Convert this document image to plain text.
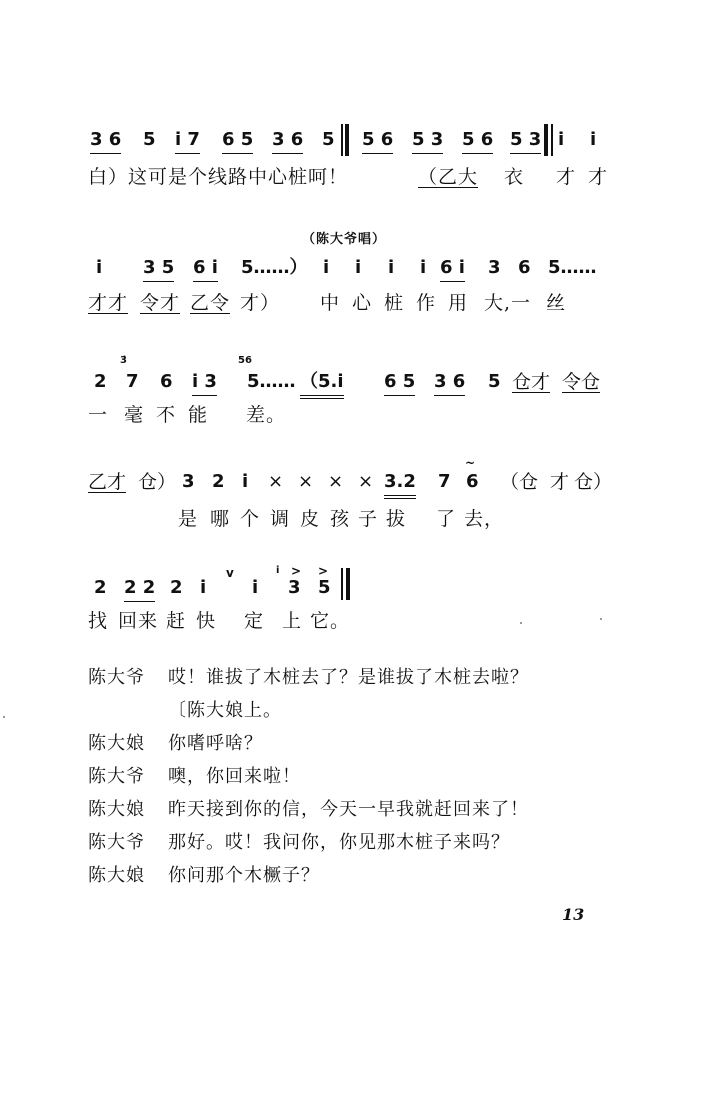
3 6 5 i 7 6 5 3 6 5 5 6 5 3 5 6 5 3 i i
白）这可是个线路中心桩呵！	（乙大 衣 才 才
（陈大爷唱）
i 3 5 6 i 5……） i i i i 6 i 3 6 5……
才才 令才 乙令 才） 中 心 桩 作 用 大,一 丝
3̇	56
2 7 6 i 3 5…… （5.i 6 5 3 6 5 仓才 令仓
一 毫 不 能 差。
~
乙才 仓） 3 2 i × × × × 3.2 7 6 （仓 才 仓）
是 哪 个 调 皮 孩 子 拔 了 去，
v	i > >
2 2 2 2 i	i 3 5
找 回来 赶 快 定 上 它。
陈大爷 哎！谁拔了木桩去了？是谁拔了木桩去啦？
〔陈大娘上。
陈大娘 你嗜呼啥？
陈大爷 噢，你回来啦！
陈大娘 昨天接到你的信，今天一早我就赶回来了！
陈大爷 那好。哎！我问你，你见那木桩子来吗？
陈大娘 你问那个木橛子？
13
